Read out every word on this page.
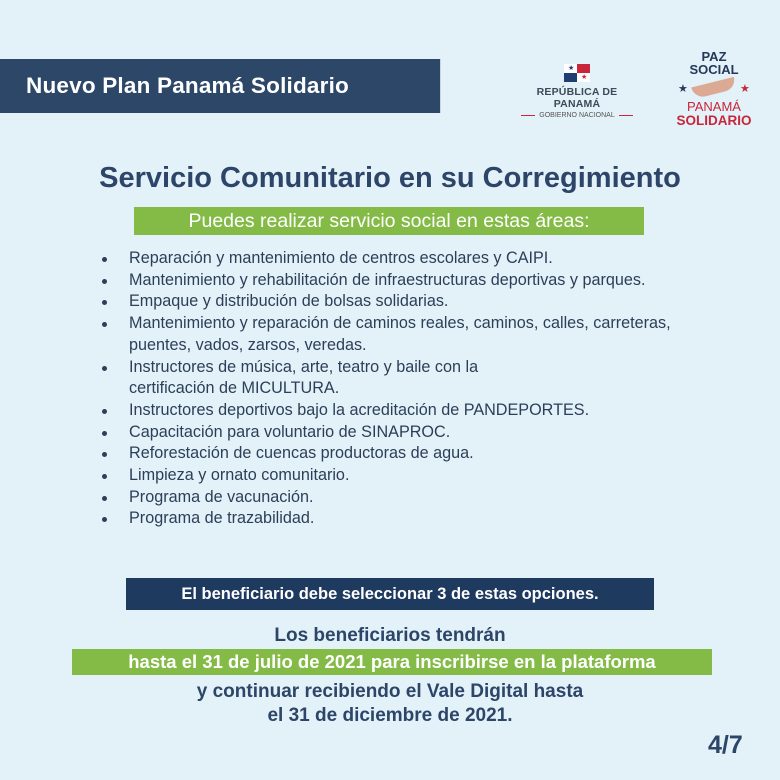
Nuevo Plan Panamá Solidario
★
★
REPÚBLICA DE PANAMÁ
GOBIERNO NACIONAL
PAZ
SOCIAL
★	★
PANAMÁ
SOLIDARIO
Servicio Comunitario en su Corregimiento
Puedes realizar servicio social en estas áreas:
Reparación y mantenimiento de centros escolares y CAIPI.
Mantenimiento y rehabilitación de infraestructuras deportivas y parques.
Empaque y distribución de bolsas solidarias.
Mantenimiento y reparación de caminos reales, caminos, calles, carreteras, puentes, vados, zarsos, veredas.
Instructores de música, arte, teatro y baile con la certificación de MICULTURA.
Instructores deportivos bajo la acreditación de PANDEPORTES.
Capacitación para voluntario de SINAPROC.
Reforestación de cuencas productoras de agua.
Limpieza y ornato comunitario.
Programa de vacunación.
Programa de trazabilidad.
El beneficiario debe seleccionar 3 de estas opciones.
Los beneficiarios tendrán
hasta el 31 de julio de 2021 para inscribirse en la plataforma
y continuar recibiendo el Vale Digital hasta
el 31 de diciembre de 2021.
4/7
